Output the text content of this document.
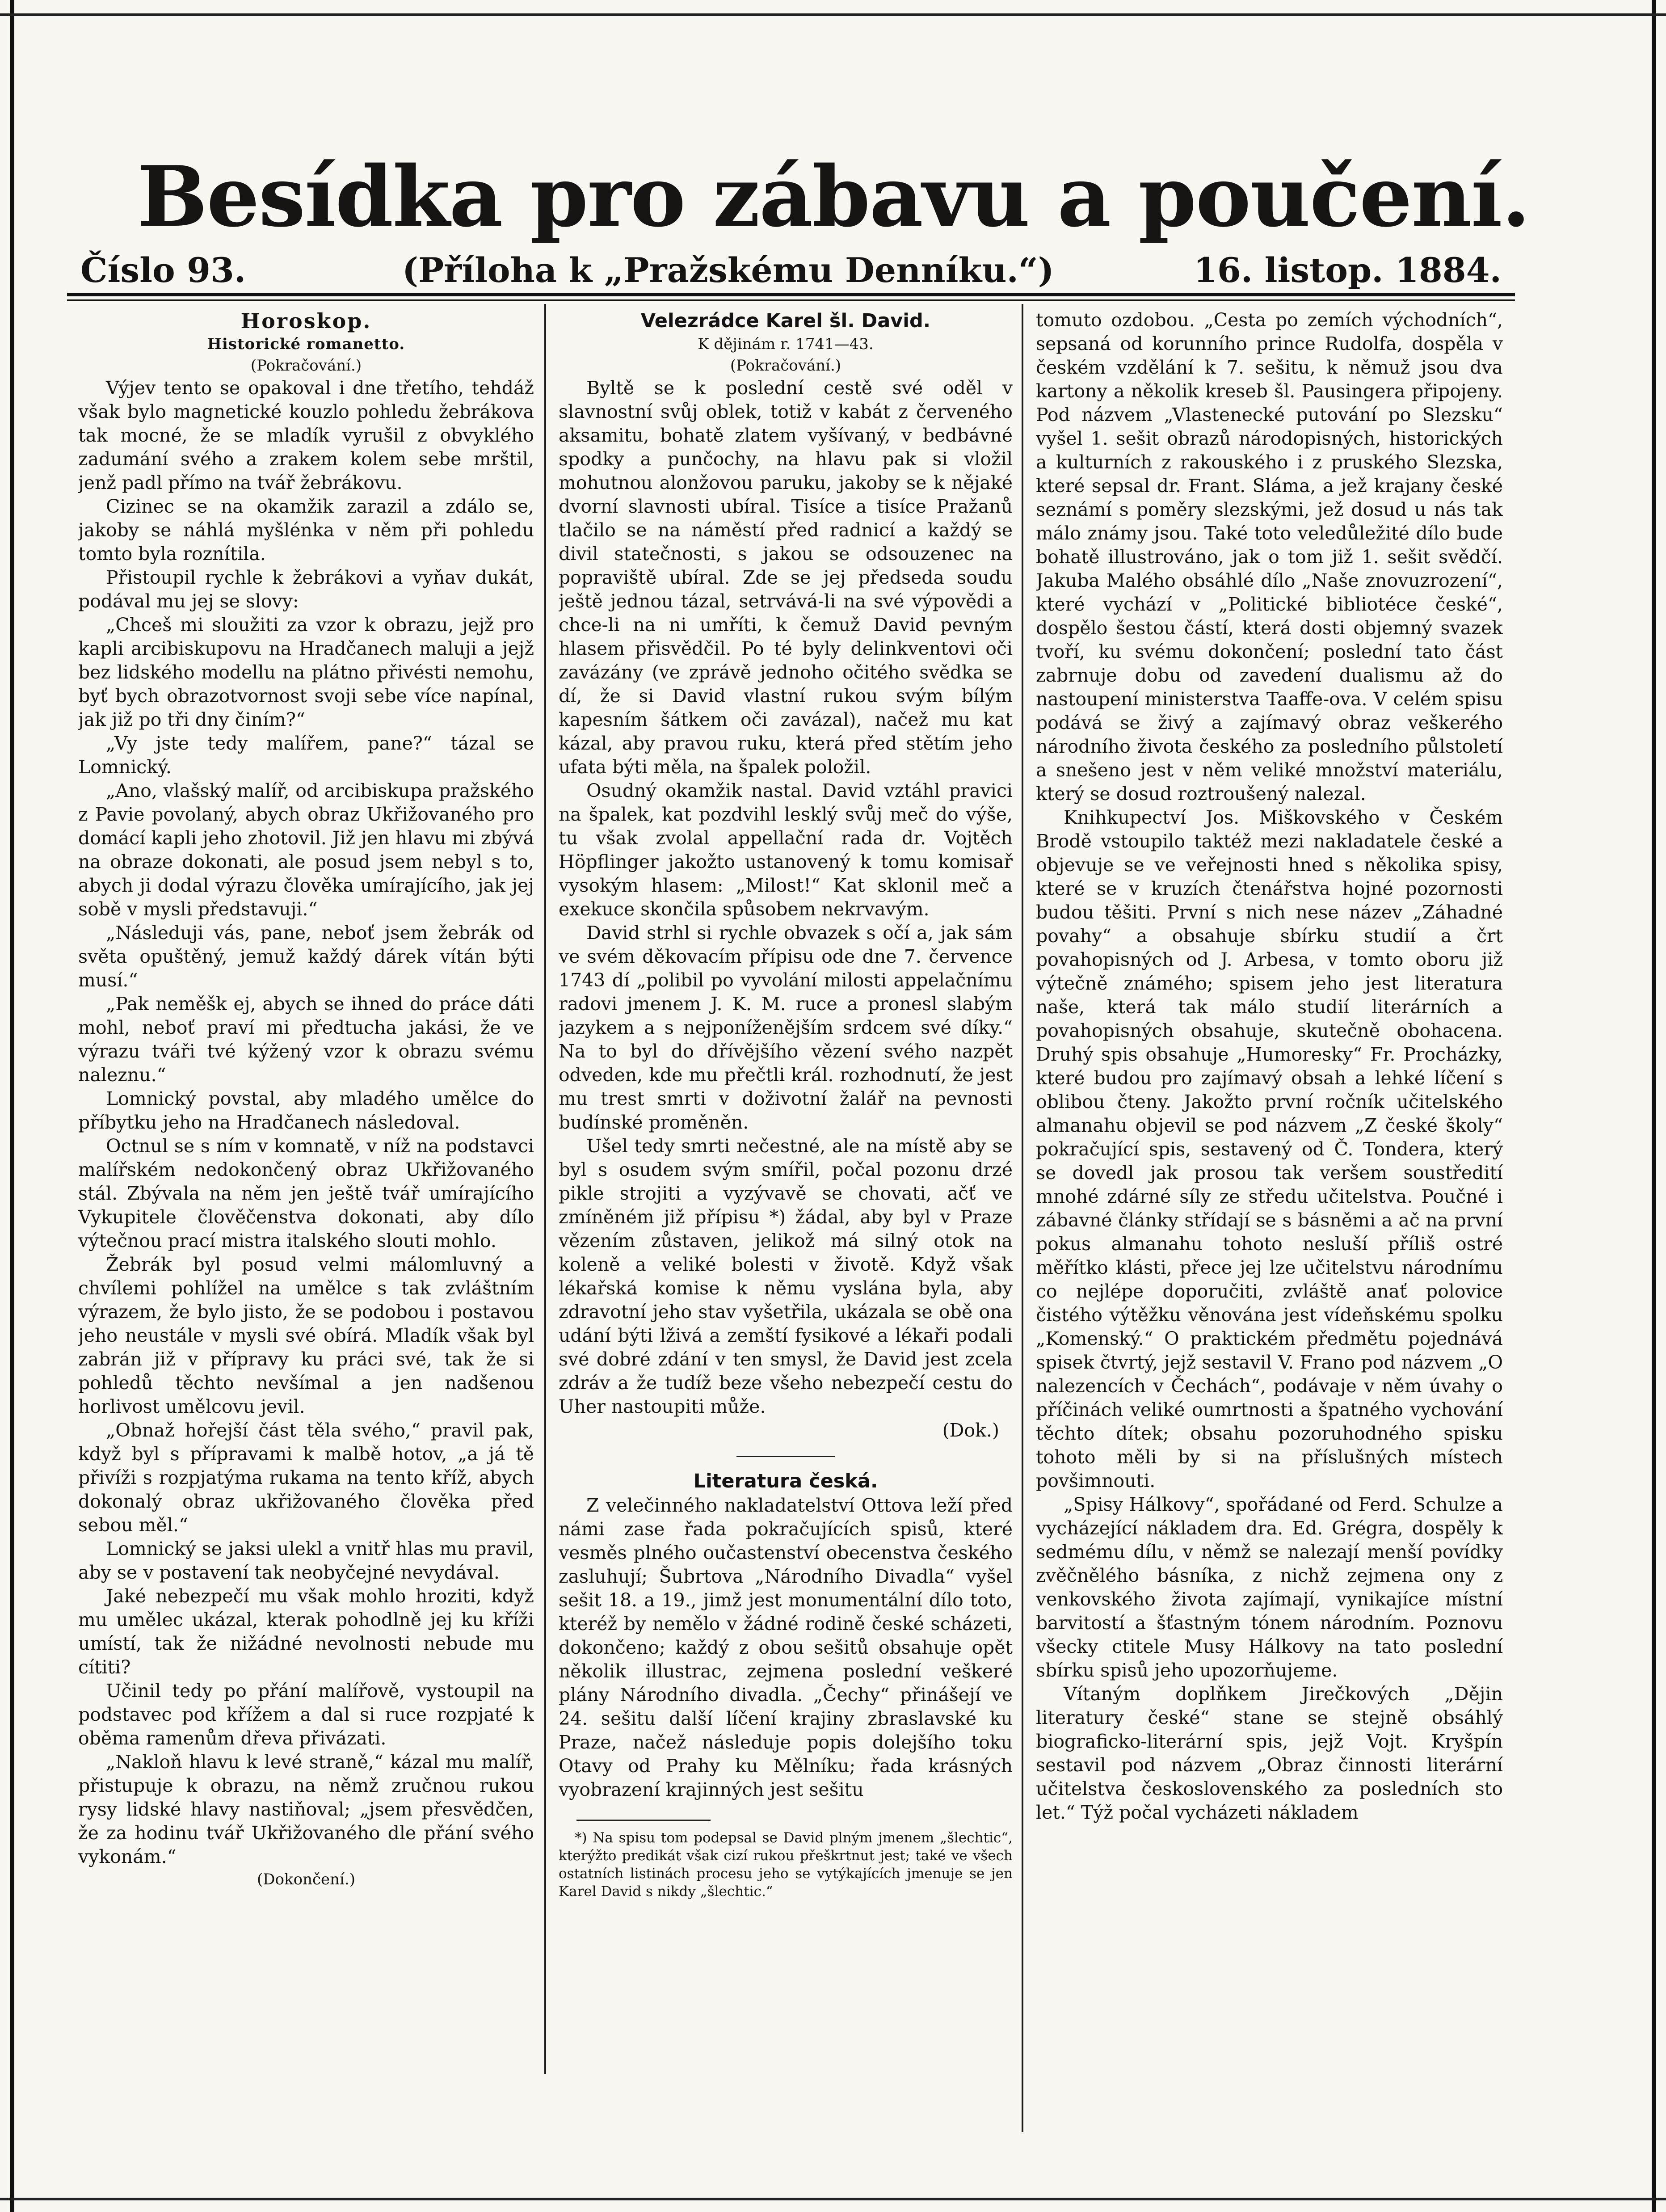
Besídka pro zábavu a poučení.
Číslo 93.	(Příloha k „Pražskému Denníku.“)	16. listop. 1884.
Horoskop.

Historické romanetto.

(Pokračování.)

Výjev tento se opakoval i dne třetího, tehdáž však bylo magnetické kouzlo pohledu žebrákova tak mocné, že se mladík vyrušil z obvyklého zadumání svého a zrakem kolem sebe mrštil, jenž padl přímo na tvář žebrákovu.

Cizinec se na okamžik zarazil a zdálo se, jakoby se náhlá myšlénka v něm při pohledu tomto byla roznítila.

Přistoupil rychle k žebrákovi a vyňav dukát, podával mu jej se slovy:

„Chceš mi sloužiti za vzor k obrazu, jejž pro kapli arcibiskupovu na Hradčanech maluji a jejž bez lidského modellu na plátno přivésti nemohu, byť bych obrazotvornost svoji sebe více napínal, jak již po tři dny činím?“

„Vy jste tedy malířem, pane?“ tázal se Lomnický.

„Ano, vlašský malíř, od arcibiskupa pražského z Pavie povolaný, abych obraz Ukřižovaného pro domácí kapli jeho zhotovil. Již jen hlavu mi zbývá na obraze dokonati, ale posud jsem nebyl s to, abych ji dodal výrazu člověka umírajícího, jak jej sobě v mysli představuji.“

„Následuji vás, pane, neboť jsem žebrák od světa opuštěný, jemuž každý dárek vítán býti musí.“

„Pak neměšk ej, abych se ihned do práce dáti mohl, neboť praví mi předtucha jakási, že ve výrazu tváři tvé kýžený vzor k obrazu svému naleznu.“

Lomnický povstal, aby mladého umělce do příbytku jeho na Hradčanech následoval.

Octnul se s ním v komnatě, v níž na podstavci malířském nedokončený obraz Ukřižovaného stál. Zbývala na něm jen ještě tvář umírajícího Vykupitele člověčenstva dokonati, aby dílo výtečnou prací mistra italského slouti mohlo.

Žebrák byl posud velmi málomluvný a chvílemi pohlížel na umělce s tak zvláštním výrazem, že bylo jisto, že se podobou i postavou jeho neustále v mysli své obírá. Mladík však byl zabrán již v přípravy ku práci své, tak že si pohledů těchto nevšímal a jen nadšenou horlivost umělcovu jevil.

„Obnaž hořejší část těla svého,“ pravil pak, když byl s přípravami k malbě hotov, „a já tě přivíži s rozpjatýma rukama na tento kříž, abych dokonalý obraz ukřižovaného člověka před sebou měl.“

Lomnický se jaksi ulekl a vnitř hlas mu pravil, aby se v postavení tak neobyčejné nevydával.

Jaké nebezpečí mu však mohlo hroziti, když mu umělec ukázal, kterak pohodlně jej ku kříži umístí, tak že nižádné nevolnosti nebude mu cítiti?

Učinil tedy po přání malířově, vystoupil na podstavec pod křížem a dal si ruce rozpjaté k oběma ramenům dřeva přivázati.

„Nakloň hlavu k levé straně,“ kázal mu malíř, přistupuje k obrazu, na němž zručnou rukou rysy lidské hlavy nastiňoval; „jsem přesvědčen, že za hodinu tvář Ukřižovaného dle přání svého vykonám.“

(Dokončení.)

Velezrádce Karel šl. David.

K dějinám r. 1741—43.

(Pokračování.)

Byltě se k poslední cestě své oděl v slavnostní svůj oblek, totiž v kabát z červeného aksamitu, bohatě zlatem vyšívaný, v bedbávné spodky a punčochy, na hlavu pak si vložil mohutnou alonžovou paruku, jakoby se k nějaké dvorní slavnosti ubíral. Tisíce a tisíce Pražanů tlačilo se na náměstí před radnicí a každý se divil statečnosti, s jakou se odsouzenec na popraviště ubíral. Zde se jej předseda soudu ještě jednou tázal, setrvává-li na své výpovědi a chce-li na ni umříti, k čemuž David pevným hlasem přisvědčil. Po té byly delinkventovi oči zavázány (ve zprávě jednoho očitého svědka se dí, že si David vlastní rukou svým bílým kapesním šátkem oči zavázal), načež mu kat kázal, aby pravou ruku, která před stětím jeho ufata býti měla, na špalek položil.

Osudný okamžik nastal. David vztáhl pravici na špalek, kat pozdvihl lesklý svůj meč do výše, tu však zvolal appellační rada dr. Vojtěch Höpflinger jakožto ustanovený k tomu komisař vysokým hlasem: „Milost!“ Kat sklonil meč a exekuce skončila spůsobem nekrvavým.

David strhl si rychle obvazek s očí a, jak sám ve svém děkovacím přípisu ode dne 7. července 1743 dí „polibil po vyvolání milosti appelačnímu radovi jmenem J. K. M. ruce a pronesl slabým jazykem a s nejponíženějším srdcem své díky.“ Na to byl do dřívějšího vězení svého nazpět odveden, kde mu přečtli král. rozhodnutí, že jest mu trest smrti v doživotní žalář na pevnosti budínské proměněn.

Ušel tedy smrti nečestné, ale na místě aby se byl s osudem svým smířil, počal pozonu drzé pikle strojiti a vyzývavě se chovati, ačť ve zmíněném již přípisu *) žádal, aby byl v Praze vězením zůstaven, jelikož má silný otok na koleně a veliké bolesti v životě. Když však lékařská komise k němu vyslána byla, aby zdravotní jeho stav vyšetřila, ukázala se obě ona udání býti lživá a zemští fysikové a lékaři podali své dobré zdání v ten smysl, že David jest zcela zdráv a že tudíž beze všeho nebezpečí cestu do Uher nastoupiti může.

(Dok.)

Literatura česká.

Z velečinného nakladatelství Ottova leží před námi zase řada pokračujících spisů, které vesměs plného oučastenství obecenstva českého zasluhují; Šubrtova „Národního Divadla“ vyšel sešit 18. a 19., jimž jest monumentální dílo toto, kteréž by nemělo v žádné rodině české scházeti, dokončeno; každý z obou sešitů obsahuje opět několik illustrac, zejmena poslední veškeré plány Národního divadla. „Čechy“ přinášejí ve 24. sešitu další líčení krajiny zbraslavské ku Praze, načež následuje popis dolejšího toku Otavy od Prahy ku Mělníku; řada krásných vyobrazení krajinných jest sešitu

*) Na spisu tom podepsal se David plným jmenem „šlechtic“, kterýžto predikát však cizí rukou přeškrtnut jest; také ve všech ostatních listinách procesu jeho se vytýkajících jmenuje se jen Karel David s nikdy „šlechtic.“

tomuto ozdobou. „Cesta po zemích východních“, sepsaná od korunního prince Rudolfa, dospěla v českém vzdělání k 7. sešitu, k němuž jsou dva kartony a několik kreseb šl. Pausingera připojeny. Pod názvem „Vlastenecké putování po Slezsku“ vyšel 1. sešit obrazů národopisných, historických a kulturních z rakouského i z pruského Slezska, které sepsal dr. Frant. Sláma, a jež krajany české seznámí s poměry slezskými, jež dosud u nás tak málo známy jsou. Také toto veledůležité dílo bude bohatě illustrováno, jak o tom již 1. sešit svědčí. Jakuba Malého obsáhlé dílo „Naše znovuzrození“, které vychází v „Politické bibliotéce české“, dospělo šestou částí, která dosti objemný svazek tvoří, ku svému dokončení; poslední tato část zabrnuje dobu od zavedení dualismu až do nastoupení ministerstva Taaffe-ova. V celém spisu podává se živý a zajímavý obraz veškerého národního života českého za posledního půlstoletí a snešeno jest v něm veliké množství materiálu, který se dosud roztroušený nalezal.

Knihkupectví Jos. Miškovského v Českém Brodě vstoupilo taktéž mezi nakladatele české a objevuje se ve veřejnosti hned s několika spisy, které se v kruzích čtenářstva hojné pozornosti budou těšiti. První s nich nese název „Záhadné povahy“ a obsahuje sbírku studií a črt povahopisných od J. Arbesa, v tomto oboru již výtečně známého; spisem jeho jest literatura naše, která tak málo studií literárních a povahopisných obsahuje, skutečně obohacena. Druhý spis obsahuje „Humoresky“ Fr. Procházky, které budou pro zajímavý obsah a lehké líčení s oblibou čteny. Jakožto první ročník učitelského almanahu objevil se pod názvem „Z české školy“ pokračující spis, sestavený od Č. Tondera, který se dovedl jak prosou tak veršem soustředití mnohé zdárné síly ze středu učitelstva. Poučné i zábavné články střídají se s básněmi a ač na první pokus almanahu tohoto nesluší příliš ostré měřítko klásti, přece jej lze učitelstvu národnímu co nejlépe doporučiti, zvláště anať polovice čistého výtěžku věnována jest vídeňskému spolku „Komenský.“ O praktickém předmětu pojednává spisek čtvrtý, jejž sestavil V. Frano pod názvem „O nalezencích v Čechách“, podávaje v něm úvahy o příčinách veliké oumrtnosti a špatného vychování těchto dítek; obsahu pozoruhodného spisku tohoto měli by si na příslušných místech povšimnouti.

„Spisy Hálkovy“, spořádané od Ferd. Schulze a vycházející nákladem dra. Ed. Grégra, dospěly k sedmému dílu, v němž se nalezají menší povídky zvěčnělého básníka, z nichž zejmena ony z venkovského života zajímají, vynikajíce místní barvitostí a šťastným tónem národním. Poznovu všecky ctitele Musy Hálkovy na tato poslední sbírku spisů jeho upozorňujeme.

Vítaným doplňkem Jirečkových „Dějin literatury české“ stane se stejně obsáhlý biograficko-literární spis, jejž Vojt. Kryšpín sestavil pod názvem „Obraz činnosti literární učitelstva československého za posledních sto let.“ Týž počal vycházeti nákladem
